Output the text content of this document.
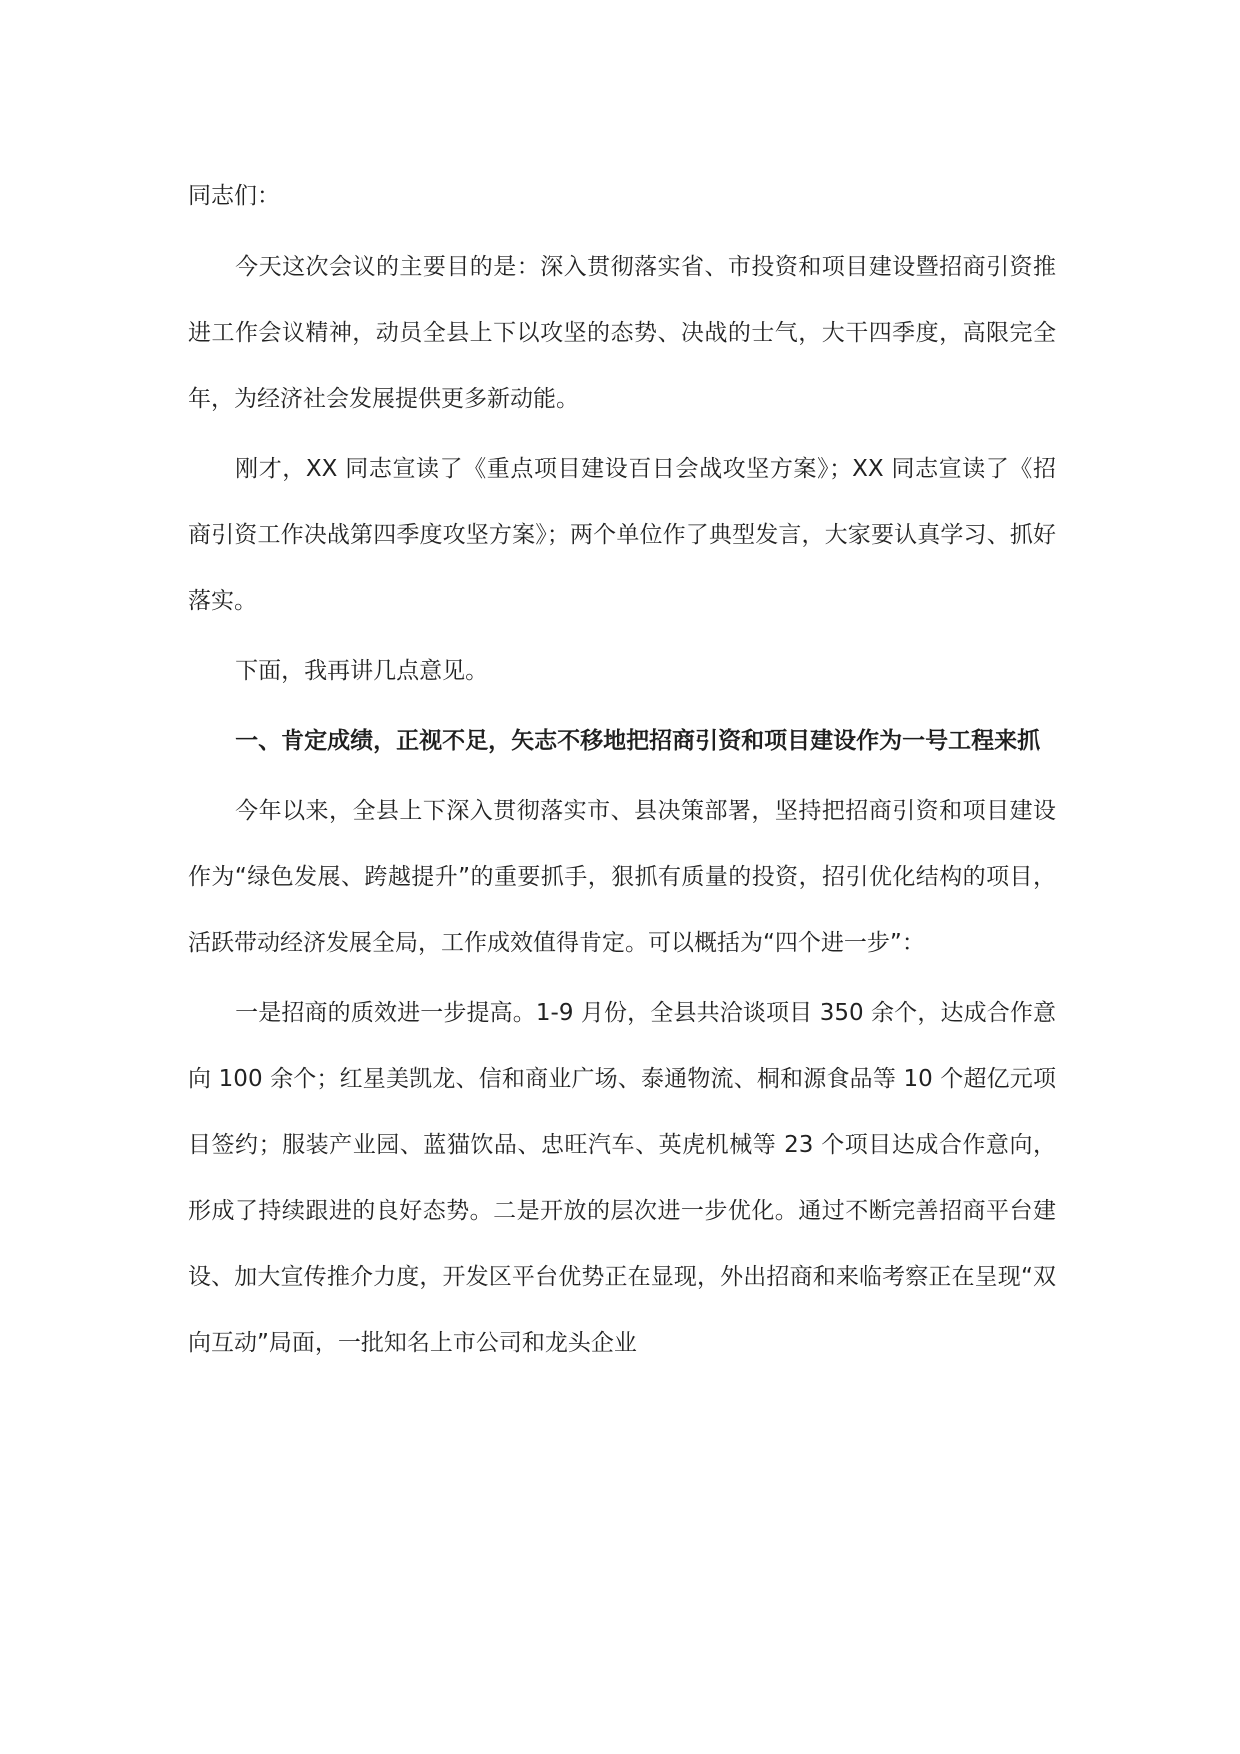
同志们：

今天这次会议的主要目的是：深入贯彻落实省、市投资和项目建设暨招商引资推进工作会议精神，动员全县上下以攻坚的态势、决战的士气，大干四季度，高限完全年，为经济社会发展提供更多新动能。

刚才，XX 同志宣读了《重点项目建设百日会战攻坚方案》；XX 同志宣读了《招商引资工作决战第四季度攻坚方案》；两个单位作了典型发言，大家要认真学习、抓好落实。

下面，我再讲几点意见。

一、肯定成绩，正视不足，矢志不移地把招商引资和项目建设作为一号工程来抓

今年以来，全县上下深入贯彻落实市、县决策部署，坚持把招商引资和项目建设作为“绿色发展、跨越提升”的重要抓手，狠抓有质量的投资，招引优化结构的项目，活跃带动经济发展全局，工作成效值得肯定。可以概括为“四个进一步”：

一是招商的质效进一步提高。1-9 月份，全县共洽谈项目 350 余个，达成合作意向 100 余个；红星美凯龙、信和商业广场、泰通物流、桐和源食品等 10 个超亿元项目签约；服装产业园、蓝猫饮品、忠旺汽车、英虎机械等 23 个项目达成合作意向，形成了持续跟进的良好态势。二是开放的层次进一步优化。通过不断完善招商平台建设、加大宣传推介力度，开发区平台优势正在显现，外出招商和来临考察正在呈现“双向互动”局面，一批知名上市公司和龙头企业
